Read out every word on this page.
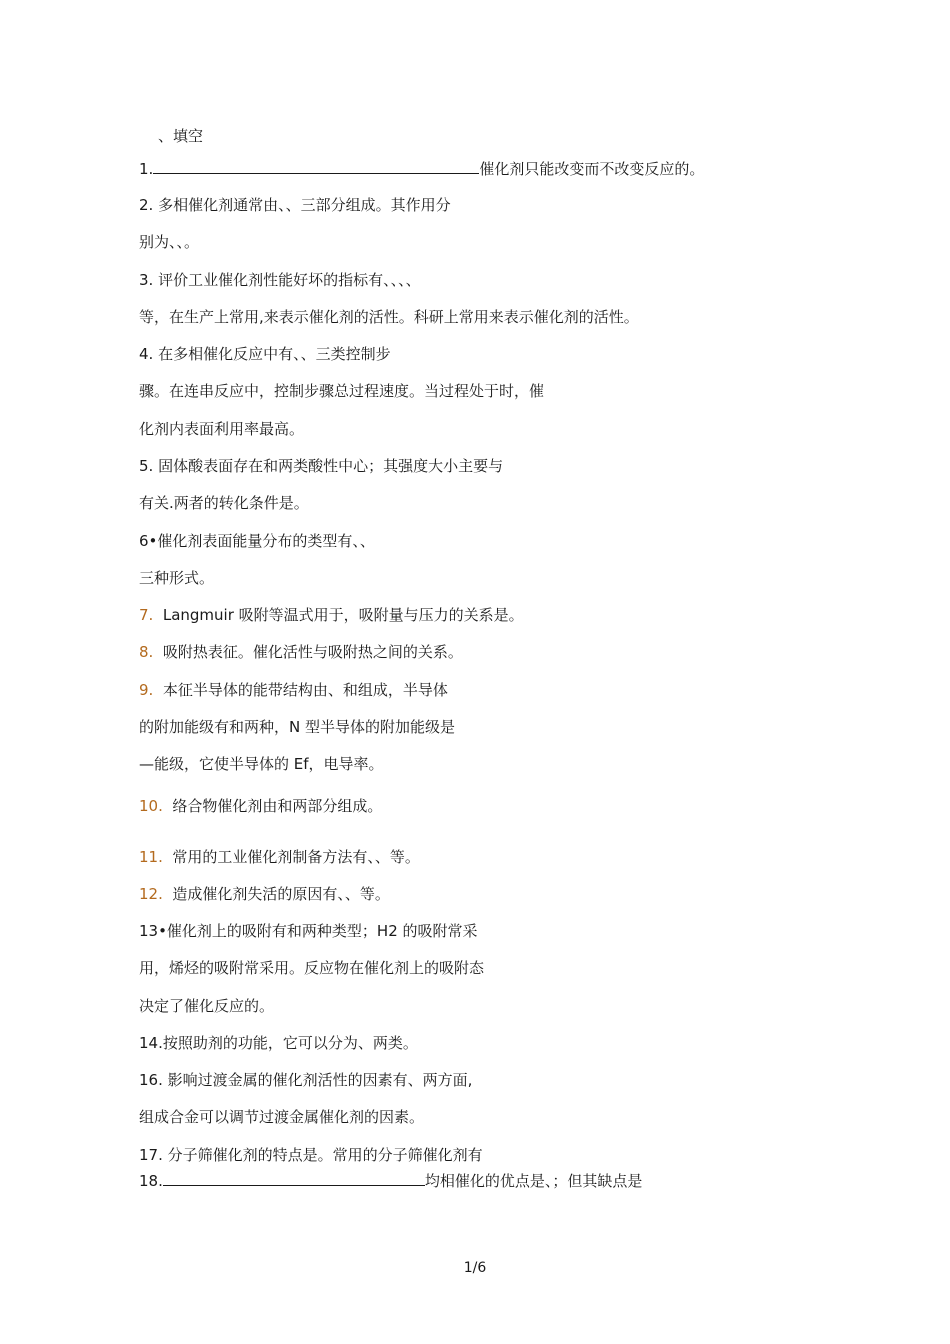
、填空
1.	催化剂只能改变而不改变反应的。
2. 多相催化剂通常由、、三部分组成。其作用分
别为、、。
3. 评价工业催化剂性能好坏的指标有、、、、
等，在生产上常用,来表示催化剂的活性。科研上常用来表示催化剂的活性。
4. 在多相催化反应中有、、三类控制步
骤。在连串反应中，控制步骤总过程速度。当过程处于时，催
化剂内表面利用率最高。
5. 固体酸表面存在和两类酸性中心；其强度大小主要与
有关.两者的转化条件是。
6•催化剂表面能量分布的类型有、、
三种形式。
7. Langmuir 吸附等温式用于，吸附量与压力的关系是。
8. 吸附热表征。催化活性与吸附热之间的关系。
9. 本征半导体的能带结构由、和组成，半导体
的附加能级有和两种，N 型半导体的附加能级是
—能级，它使半导体的 Ef，电导率。
10. 络合物催化剂由和两部分组成。
11. 常用的工业催化剂制备方法有、、等。
12. 造成催化剂失活的原因有、、等。
13•催化剂上的吸附有和两种类型；H2 的吸附常采
用，烯烃的吸附常采用。反应物在催化剂上的吸附态
决定了催化反应的。
14.按照助剂的功能，它可以分为、两类。
16. 影响过渡金属的催化剂活性的因素有、两方面,
组成合金可以调节过渡金属催化剂的因素。
17. 分子筛催化剂的特点是。常用的分子筛催化剂有
18.	均相催化的优点是、；但其缺点是
1/6
